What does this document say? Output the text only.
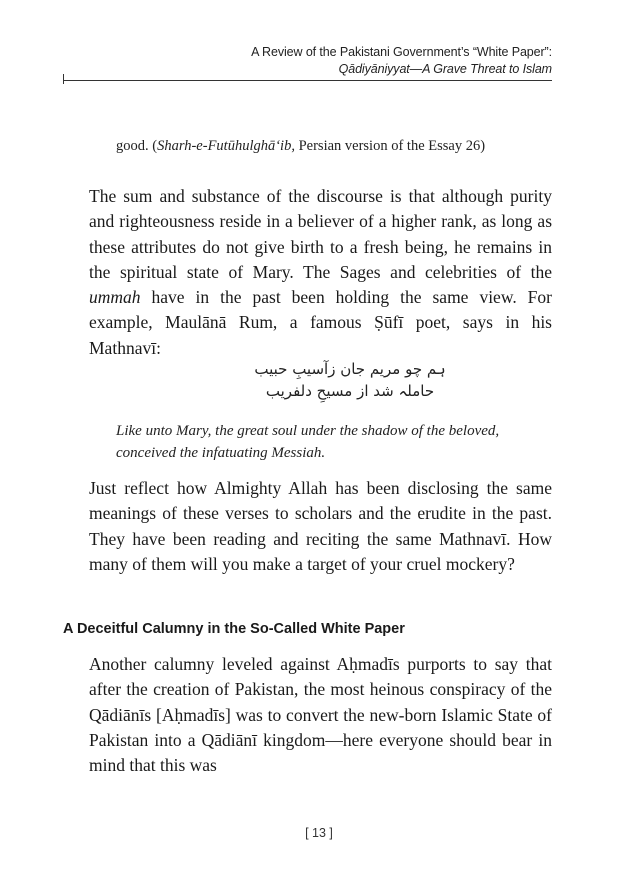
A Review of the Pakistani Government’s “White Paper”:
Qādiyāniyyat—A Grave Threat to Islam
good. (Sharh-e-Futūhulghā‘ib, Persian version of the Essay 26)
The sum and substance of the discourse is that although purity and righteousness reside in a believer of a higher rank, as long as these attributes do not give birth to a fresh being, he remains in the spiritual state of Mary. The Sages and celebrities of the ummah have in the past been holding the same view. For example, Maulānā Rum, a famous Ṣūfī poet, says in his Mathnavī:
ہم چو مریم جان زآسیبِ حبیب
حاملہ شد از مسیحِ دلفریب
Like unto Mary, the great soul under the shadow of the beloved, conceived the infatuating Messiah.
Just reflect how Almighty Allah has been disclosing the same meanings of these verses to scholars and the erudite in the past. They have been reading and reciting the same Mathnavī. How many of them will you make a target of your cruel mockery?
A Deceitful Calumny in the So-Called White Paper
Another calumny leveled against Aḥmadīs purports to say that after the creation of Pakistan, the most heinous conspiracy of the Qādiānīs [Aḥmadīs] was to convert the new-born Islamic State of Pakistan into a Qādiānī kingdom—here everyone should bear in mind that this was
[ 13 ]
